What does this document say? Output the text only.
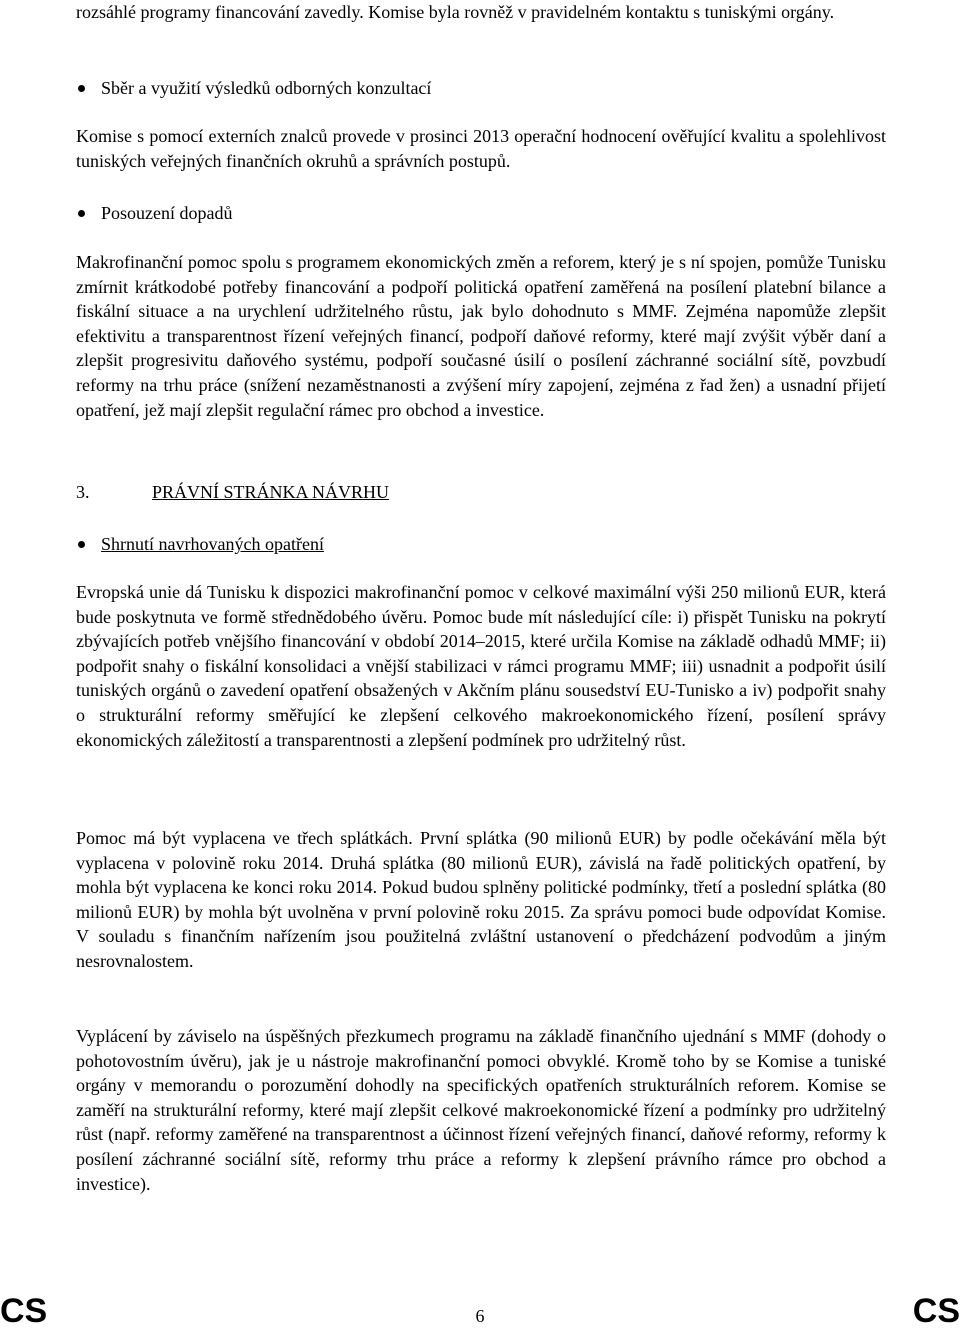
rozsáhlé programy financování zavedly. Komise byla rovněž v pravidelném kontaktu s tuniskými orgány.

Sběr a využití výsledků odborných konzultací

Komise s pomocí externích znalců provede v prosinci 2013 operační hodnocení ověřující kvalitu a spolehlivost tuniských veřejných finančních okruhů a správních postupů.

Posouzení dopadů

Makrofinanční pomoc spolu s programem ekonomických změn a reforem, který je s ní spojen, pomůže Tunisku zmírnit krátkodobé potřeby financování a podpoří politická opatření zaměřená na posílení platební bilance a fiskální situace a na urychlení udržitelného růstu, jak bylo dohodnuto s MMF. Zejména napomůže zlepšit efektivitu a transparentnost řízení veřejných financí, podpoří daňové reformy, které mají zvýšit výběr daní a zlepšit progresivitu daňového systému, podpoří současné úsilí o posílení záchranné sociální sítě, povzbudí reformy na trhu práce (snížení nezaměstnanosti a zvýšení míry zapojení, zejména z řad žen) a usnadní přijetí opatření, jež mají zlepšit regulační rámec pro obchod a investice.

3.	PRÁVNÍ STRÁNKA NÁVRHU
Shrnutí navrhovaných opatření

Evropská unie dá Tunisku k dispozici makrofinanční pomoc v celkové maximální výši 250 milionů EUR, která bude poskytnuta ve formě střednědobého úvěru. Pomoc bude mít následující cíle: i) přispět Tunisku na pokrytí zbývajících potřeb vnějšího financování v období 2014–2015, které určila Komise na základě odhadů MMF; ii) podpořit snahy o fiskální konsolidaci a vnější stabilizaci v rámci programu MMF; iii) usnadnit a podpořit úsilí tuniských orgánů o zavedení opatření obsažených v Akčním plánu sousedství EU-Tunisko a iv) podpořit snahy o strukturální reformy směřující ke zlepšení celkového makroekonomického řízení, posílení správy ekonomických záležitostí a transparentnosti a zlepšení podmínek pro udržitelný růst.

Pomoc má být vyplacena ve třech splátkách. První splátka (90 milionů EUR) by podle očekávání měla být vyplacena v polovině roku 2014. Druhá splátka (80 milionů EUR), závislá na řadě politických opatření, by mohla být vyplacena ke konci roku 2014. Pokud budou splněny politické podmínky, třetí a poslední splátka (80 milionů EUR) by mohla být uvolněna v první polovině roku 2015. Za správu pomoci bude odpovídat Komise. V souladu s finančním nařízením jsou použitelná zvláštní ustanovení o předcházení podvodům a jiným nesrovnalostem.

Vyplácení by záviselo na úspěšných přezkumech programu na základě finančního ujednání s MMF (dohody o pohotovostním úvěru), jak je u nástroje makrofinanční pomoci obvyklé. Kromě toho by se Komise a tuniské orgány v memorandu o porozumění dohodly na specifických opatřeních strukturálních reforem. Komise se zaměří na strukturální reformy, které mají zlepšit celkové makroekonomické řízení a podmínky pro udržitelný růst (např. reformy zaměřené na transparentnost a účinnost řízení veřejných financí, daňové reformy, reformy k posílení záchranné sociální sítě, reformy trhu práce a reformy k zlepšení právního rámce pro obchod a investice).

CS	6	CS
